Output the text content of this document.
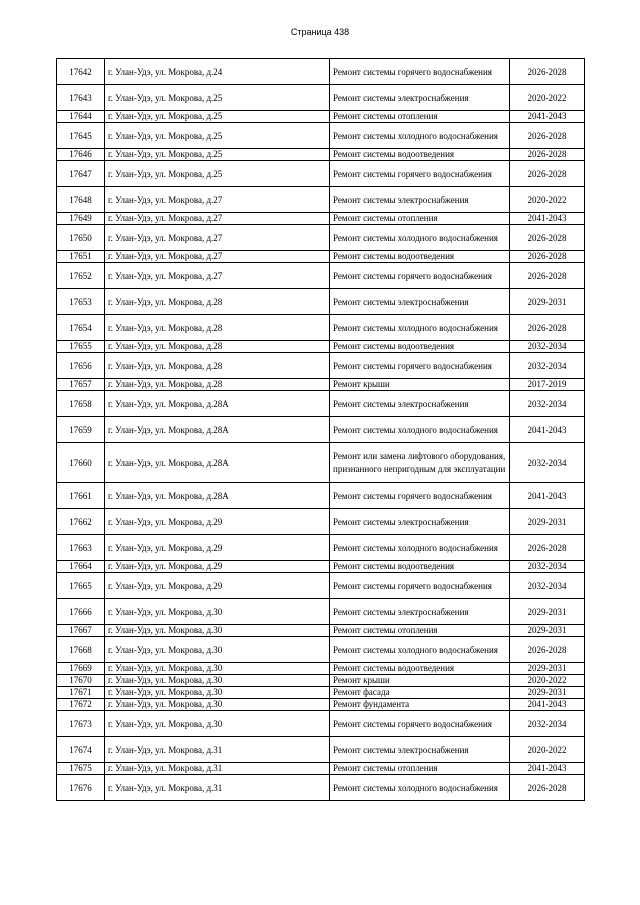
Страница 438
17642	г. Улан-Удэ, ул. Мокрова, д.24	Ремонт системы горячего водоснабжения	2026-2028
17643	г. Улан-Удэ, ул. Мокрова, д.25	Ремонт системы электроснабжения	2020-2022
17644	г. Улан-Удэ, ул. Мокрова, д.25	Ремонт системы отопления	2041-2043
17645	г. Улан-Удэ, ул. Мокрова, д.25	Ремонт системы холодного водоснабжения	2026-2028
17646	г. Улан-Удэ, ул. Мокрова, д.25	Ремонт системы водоотведения	2026-2028
17647	г. Улан-Удэ, ул. Мокрова, д.25	Ремонт системы горячего водоснабжения	2026-2028
17648	г. Улан-Удэ, ул. Мокрова, д.27	Ремонт системы электроснабжения	2020-2022
17649	г. Улан-Удэ, ул. Мокрова, д.27	Ремонт системы отопления	2041-2043
17650	г. Улан-Удэ, ул. Мокрова, д.27	Ремонт системы холодного водоснабжения	2026-2028
17651	г. Улан-Удэ, ул. Мокрова, д.27	Ремонт системы водоотведения	2026-2028
17652	г. Улан-Удэ, ул. Мокрова, д.27	Ремонт системы горячего водоснабжения	2026-2028
17653	г. Улан-Удэ, ул. Мокрова, д.28	Ремонт системы электроснабжения	2029-2031
17654	г. Улан-Удэ, ул. Мокрова, д.28	Ремонт системы холодного водоснабжения	2026-2028
17655	г. Улан-Удэ, ул. Мокрова, д.28	Ремонт системы водоотведения	2032-2034
17656	г. Улан-Удэ, ул. Мокрова, д.28	Ремонт системы горячего водоснабжения	2032-2034
17657	г. Улан-Удэ, ул. Мокрова, д.28	Ремонт крыши	2017-2019
17658	г. Улан-Удэ, ул. Мокрова, д.28А	Ремонт системы электроснабжения	2032-2034
17659	г. Улан-Удэ, ул. Мокрова, д.28А	Ремонт системы холодного водоснабжения	2041-2043
17660	г. Улан-Удэ, ул. Мокрова, д.28А	Ремонт или замена лифтового оборудования, признанного непригодным для эксплуатации	2032-2034
17661	г. Улан-Удэ, ул. Мокрова, д.28А	Ремонт системы горячего водоснабжения	2041-2043
17662	г. Улан-Удэ, ул. Мокрова, д.29	Ремонт системы электроснабжения	2029-2031
17663	г. Улан-Удэ, ул. Мокрова, д.29	Ремонт системы холодного водоснабжения	2026-2028
17664	г. Улан-Удэ, ул. Мокрова, д.29	Ремонт системы водоотведения	2032-2034
17665	г. Улан-Удэ, ул. Мокрова, д.29	Ремонт системы горячего водоснабжения	2032-2034
17666	г. Улан-Удэ, ул. Мокрова, д.30	Ремонт системы электроснабжения	2029-2031
17667	г. Улан-Удэ, ул. Мокрова, д.30	Ремонт системы отопления	2029-2031
17668	г. Улан-Удэ, ул. Мокрова, д.30	Ремонт системы холодного водоснабжения	2026-2028
17669	г. Улан-Удэ, ул. Мокрова, д.30	Ремонт системы водоотведения	2029-2031
17670	г. Улан-Удэ, ул. Мокрова, д.30	Ремонт крыши	2020-2022
17671	г. Улан-Удэ, ул. Мокрова, д.30	Ремонт фасада	2029-2031
17672	г. Улан-Удэ, ул. Мокрова, д.30	Ремонт фундамента	2041-2043
17673	г. Улан-Удэ, ул. Мокрова, д.30	Ремонт системы горячего водоснабжения	2032-2034
17674	г. Улан-Удэ, ул. Мокрова, д.31	Ремонт системы электроснабжения	2020-2022
17675	г. Улан-Удэ, ул. Мокрова, д.31	Ремонт системы отопления	2041-2043
17676	г. Улан-Удэ, ул. Мокрова, д.31	Ремонт системы холодного водоснабжения	2026-2028
